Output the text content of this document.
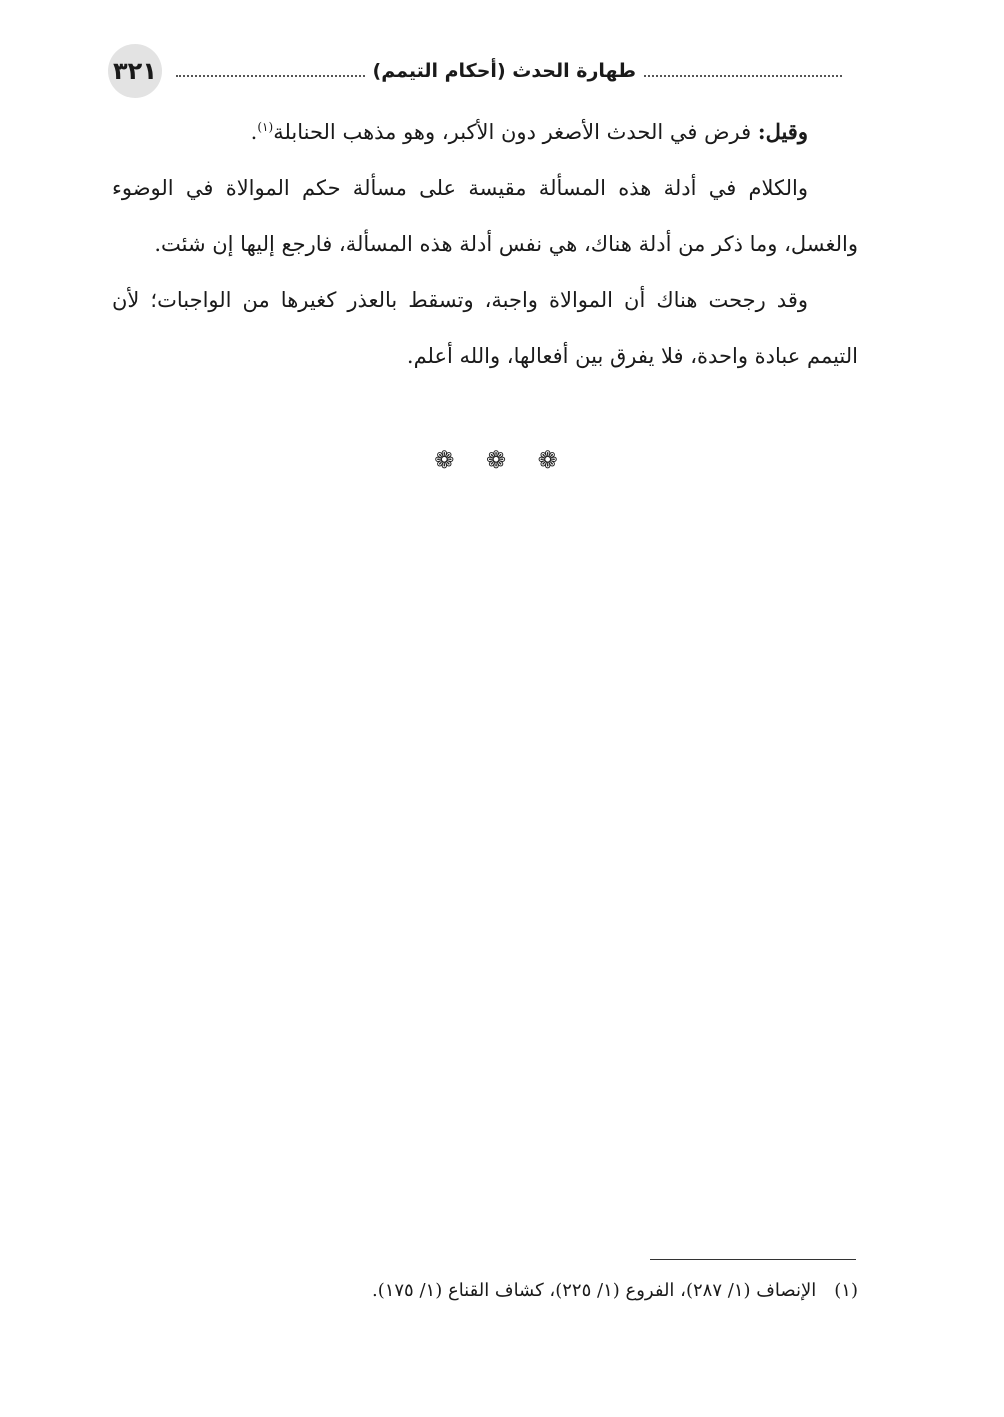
٣٢١	طهارة الحدث (أحكام التيمم)
وقيل: فرض في الحدث الأصغر دون الأكبر، وهو مذهب الحنابلة$^{(١)}$.
والكلام في أدلة هذه المسألة مقيسة على مسألة حكم الموالاة في الوضوء والغسل، وما ذكر من أدلة هناك، هي نفس أدلة هذه المسألة، فارجع إليها إن شئت.
وقد رجحت هناك أن الموالاة واجبة، وتسقط بالعذر كغيرها من الواجبات؛ لأن التيمم عبادة واحدة، فلا يفرق بين أفعالها، والله أعلم.
❁ ❁ ❁
(١)الإنصاف (١/ ٢٨٧)، الفروع (١/ ٢٢٥)، كشاف القناع (١/ ١٧٥).
